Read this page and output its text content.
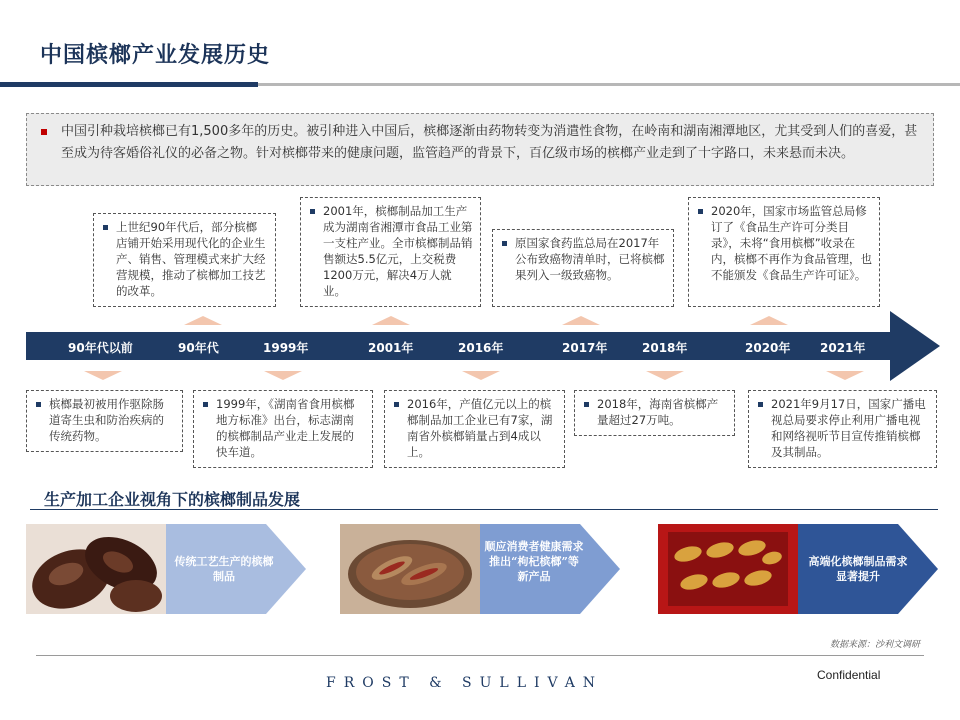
中国槟榔产业发展历史
中国引种栽培槟榔已有1,500多年的历史。被引种进入中国后，槟榔逐渐由药物转变为消遣性食物，在岭南和湖南湘潭地区，尤其受到人们的喜爱，甚至成为待客婚俗礼仪的必备之物。针对槟榔带来的健康问题，监管趋严的背景下，百亿级市场的槟榔产业走到了十字路口，未来悬而未决。
上世纪90年代后，部分槟榔店铺开始采用现代化的企业生产、销售、管理模式来扩大经营规模，推动了槟榔加工技艺的改革。
2001年，槟榔制品加工生产成为湖南省湘潭市食品工业第一支柱产业。全市槟榔制品销售额达5.5亿元，上交税费1200万元，解决4万人就业。
原国家食药监总局在2017年公布致癌物清单时，已将槟榔果列入一级致癌物。
2020年，国家市场监管总局修订了《食品生产许可分类目录》，未将“食用槟榔”收录在内，槟榔不再作为食品管理，也不能颁发《食品生产许可证》。
90年代以前	90年代	1999年	2001年	2016年	2017年	2018年	2020年 2021年
槟榔最初被用作驱除肠道寄生虫和防治疾病的传统药物。
1999年，《湖南省食用槟榔地方标准》出台，标志湖南的槟榔制品产业走上发展的快车道。
2016年，产值亿元以上的槟榔制品加工企业已有7家，湖南省外槟榔销量占到4成以上。
2018年，海南省槟榔产量超过27万吨。
2021年9月17日，国家广播电视总局要求停止利用广播电视和网络视听节目宣传推销槟榔及其制品。
生产加工企业视角下的槟榔制品发展
传统工艺生产的槟榔制品
顺应消费者健康需求推出“枸杞槟榔”等新产品
高端化槟榔制品需求显著提升
数据来源：沙利文调研
FROST & SULLIVAN	Confidential
